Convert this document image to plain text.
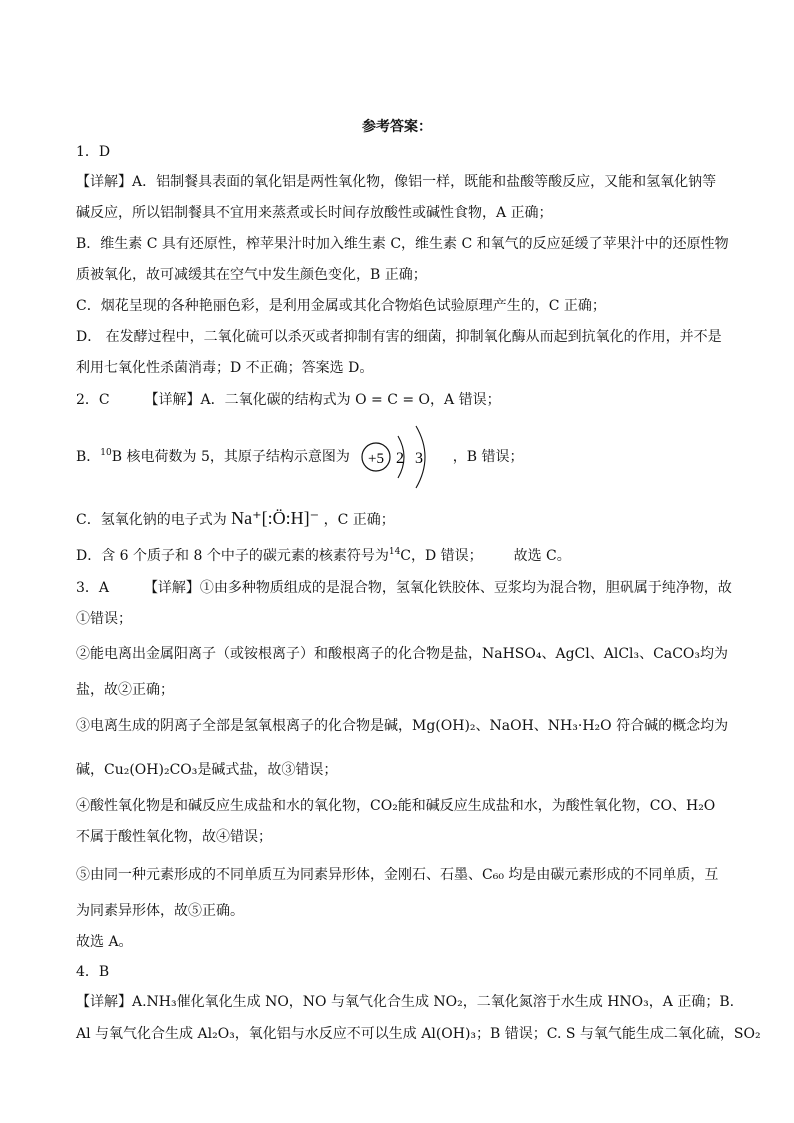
参考答案：
1．D
【详解】A．铝制餐具表面的氧化铝是两性氧化物，像铝一样，既能和盐酸等酸反应，又能和氢氧化钠等
碱反应，所以铝制餐具不宜用来蒸煮或长时间存放酸性或碱性食物，A 正确；
B．维生素 C 具有还原性，榨苹果汁时加入维生素 C，维生素 C 和氧气的反应延缓了苹果汁中的还原性物
质被氧化，故可减缓其在空气中发生颜色变化，B 正确；
C．烟花呈现的各种艳丽色彩，是利用金属或其化合物焰色试验原理产生的，C 正确；
D． 在发酵过程中，二氧化硫可以杀灭或者抑制有害的细菌，抑制氧化酶从而起到抗氧化的作用，并不是
利用七氧化性杀菌消毒；D 不正确；答案选 D。
2．C 【详解】A．二氧化碳的结构式为 O = C = O，A 错误；
B．$^{10}$B 核电荷数为 5，其原子结构示意图为 +5 2 3 ，B 错误；
C．氢氧化钠的电子式为 Na⁺[:Ö:H]⁻ ，C 正确；
D．含 6 个质子和 8 个中子的碳元素的核素符号为$^{14}$C，D 错误； 故选 C。
3．A 【详解】①由多种物质组成的是混合物，氢氧化铁胶体、豆浆均为混合物，胆矾属于纯净物，故
①错误；
②能电离出金属阳离子（或铵根离子）和酸根离子的化合物是盐，NaHSO₄、AgCl、AlCl₃、CaCO₃均为
盐，故②正确；
③电离生成的阴离子全部是氢氧根离子的化合物是碱，Mg(OH)₂、NaOH、NH₃·H₂O 符合碱的概念均为
碱，Cu₂(OH)₂CO₃是碱式盐，故③错误；
④酸性氧化物是和碱反应生成盐和水的氧化物，CO₂能和碱反应生成盐和水，为酸性氧化物，CO、H₂O
不属于酸性氧化物，故④错误；
⑤由同一种元素形成的不同单质互为同素异形体，金刚石、石墨、C₆₀ 均是由碳元素形成的不同单质，互
为同素异形体，故⑤正确。
故选 A。
4．B
【详解】A.NH₃催化氧化生成 NO，NO 与氧气化合生成 NO₂，二氧化氮溶于水生成 HNO₃，A 正确；B.
Al 与氧气化合生成 Al₂O₃，氧化铝与水反应不可以生成 Al(OH)₃；B 错误；C. S 与氧气能生成二氧化硫，SO₂
